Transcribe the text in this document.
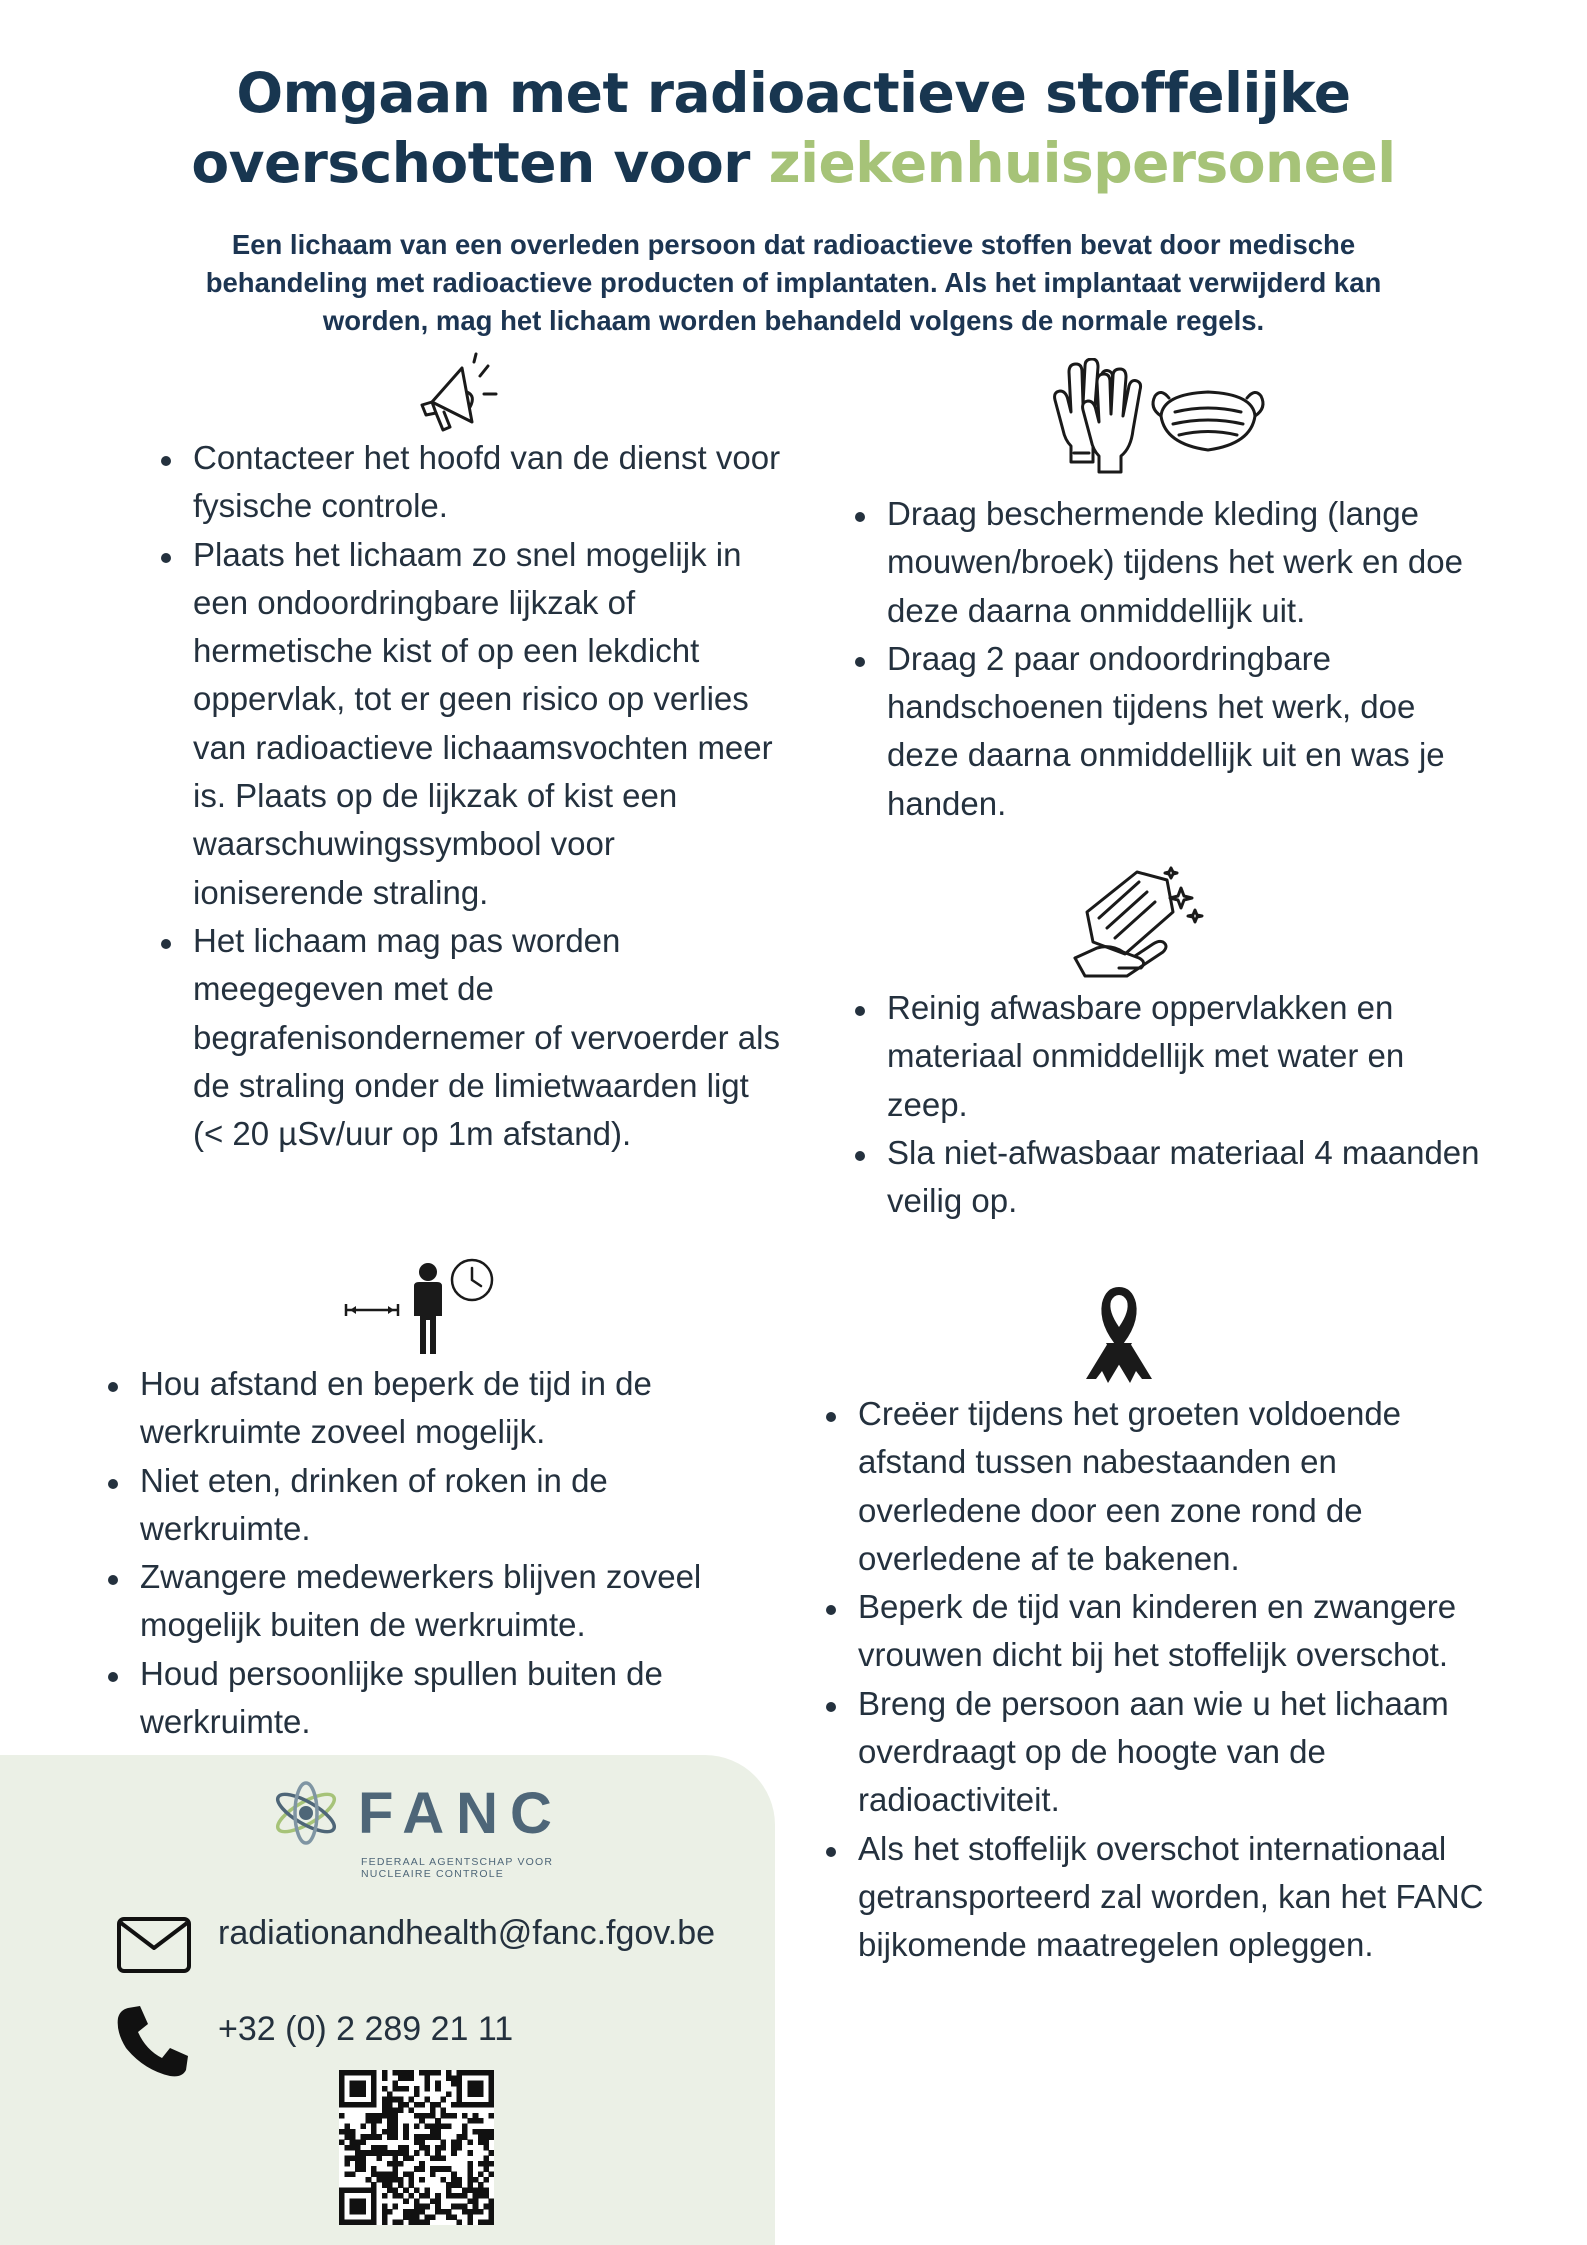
Omgaan met radioactieve stoffelijke
overschotten voor ziekenhuispersoneel
Een lichaam van een overleden persoon dat radioactieve stoffen bevat door medische behandeling met radioactieve producten of implantaten. Als het implantaat verwijderd kan worden, mag het lichaam worden behandeld volgens de normale regels.
Contacteer het hoofd van de dienst voor fysische controle.
Plaats het lichaam zo snel mogelijk in een ondoordringbare lijkzak of hermetische kist of op een lekdicht oppervlak, tot er geen risico op verlies van radioactieve lichaamsvochten meer is. Plaats op de lijkzak of kist een waarschuwingssymbool voor ioniserende straling.
Het lichaam mag pas worden meegegeven met de begrafenisondernemer of vervoerder als de straling onder de limietwaarden ligt (< 20 µSv/uur op 1m afstand).
Draag beschermende kleding (lange mouwen/broek) tijdens het werk en doe deze daarna onmiddellijk uit.
Draag 2 paar ondoordringbare handschoenen tijdens het werk, doe deze daarna onmiddellijk uit en was je handen.
Reinig afwasbare oppervlakken en materiaal onmiddellijk met water en zeep.
Sla niet-afwasbaar materiaal 4 maanden veilig op.
Hou afstand en beperk de tijd in de werkruimte zoveel mogelijk.
Niet eten, drinken of roken in de werkruimte.
Zwangere medewerkers blijven zoveel mogelijk buiten de werkruimte.
Houd persoonlijke spullen buiten de werkruimte.
Creëer tijdens het groeten voldoende afstand tussen nabestaanden en overledene door een zone rond de overledene af te bakenen.
Beperk de tijd van kinderen en zwangere vrouwen dicht bij het stoffelijk overschot.
Breng de persoon aan wie u het lichaam overdraagt op de hoogte van de radioactiviteit.
Als het stoffelijk overschot internationaal getransporteerd zal worden, kan het FANC bijkomende maatregelen opleggen.
FANC
FEDERAAL AGENTSCHAP VOOR
NUCLEAIRE CONTROLE
radiationandhealth@fanc.fgov.be
+32 (0) 2 289 21 11
